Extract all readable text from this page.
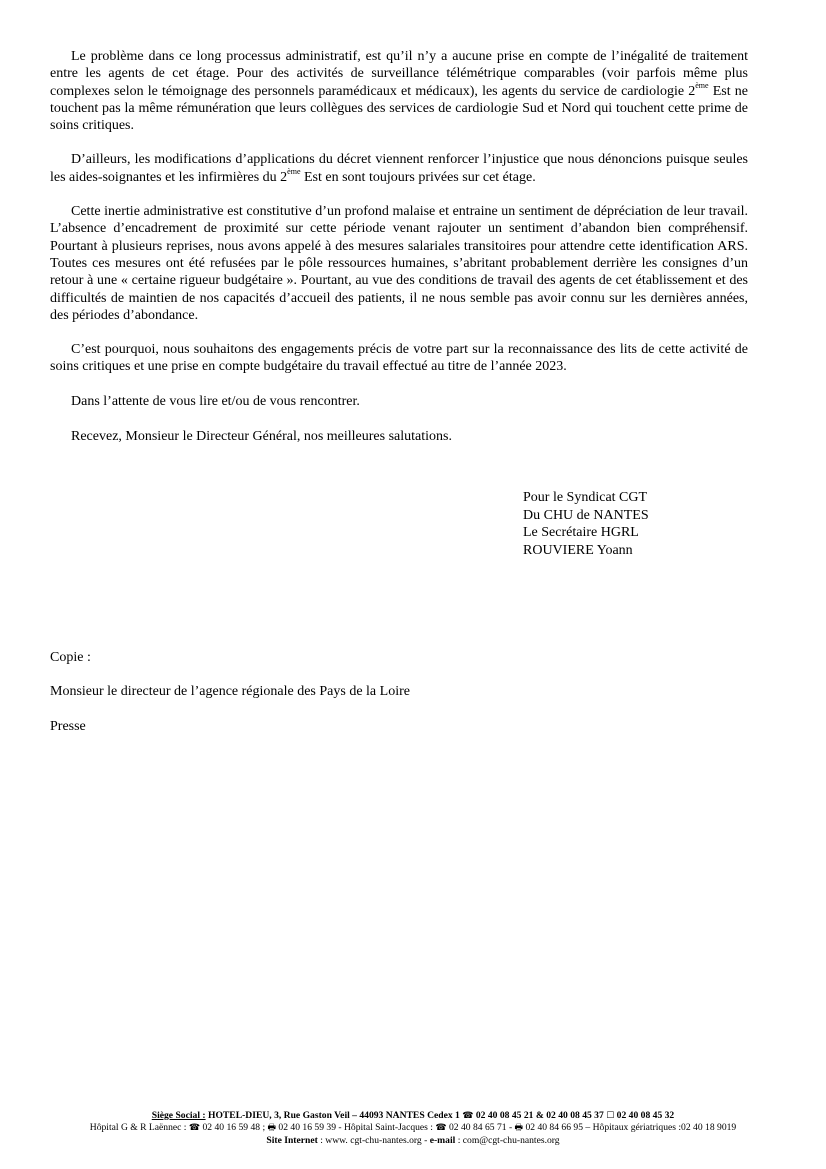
Le problème dans ce long processus administratif, est qu’il n’y a aucune prise en compte de l’inégalité de traitement entre les agents de cet étage. Pour des activités de surveillance télémétrique comparables (voir parfois même plus complexes selon le témoignage des personnels paramédicaux et médicaux), les agents du service de cardiologie 2ème Est ne touchent pas la même rémunération que leurs collègues des services de cardiologie Sud et Nord qui touchent cette prime de soins critiques.

D’ailleurs, les modifications d’applications du décret viennent renforcer l’injustice que nous dénoncions puisque seules les aides-soignantes et les infirmières du 2ème Est en sont toujours privées sur cet étage.

Cette inertie administrative est constitutive d’un profond malaise et entraine un sentiment de dépréciation de leur travail. L’absence d’encadrement de proximité sur cette période venant rajouter un sentiment d’abandon bien compréhensif. Pourtant à plusieurs reprises, nous avons appelé à des mesures salariales transitoires pour attendre cette identification ARS. Toutes ces mesures ont été refusées par le pôle ressources humaines, s’abritant probablement derrière les consignes d’un retour à une « certaine rigueur budgétaire ». Pourtant, au vue des conditions de travail des agents de cet établissement et des difficultés de maintien de nos capacités d’accueil des patients, il ne nous semble pas avoir connu sur les dernières années, des périodes d’abondance.

C’est pourquoi, nous souhaitons des engagements précis de votre part sur la reconnaissance des lits de cette activité de soins critiques et une prise en compte budgétaire du travail effectué au titre de l’année 2023.

Dans l’attente de vous lire et/ou de vous rencontrer.

Recevez, Monsieur le Directeur Général, nos meilleures salutations.

Pour le Syndicat CGT
Du CHU de NANTES
Le Secrétaire HGRL
ROUVIERE Yoann
Copie :
Monsieur le directeur de l’agence régionale des Pays de la Loire
Presse
Siège Social : HOTEL-DIEU, 3, Rue Gaston Veil – 44093 NANTES Cedex 1 ☎ 02 40 08 45 21 & 02 40 08 45 37 ☐ 02 40 08 45 32
Hôpital G & R Laënnec : ☎ 02 40 16 59 48 ; 🖶 02 40 16 59 39 - Hôpital Saint-Jacques : ☎ 02 40 84 65 71 - 🖶 02 40 84 66 95 – Hôpitaux gériatriques :02 40 18 9019
Site Internet : www. cgt-chu-nantes.org - e-mail : com@cgt-chu-nantes.org
